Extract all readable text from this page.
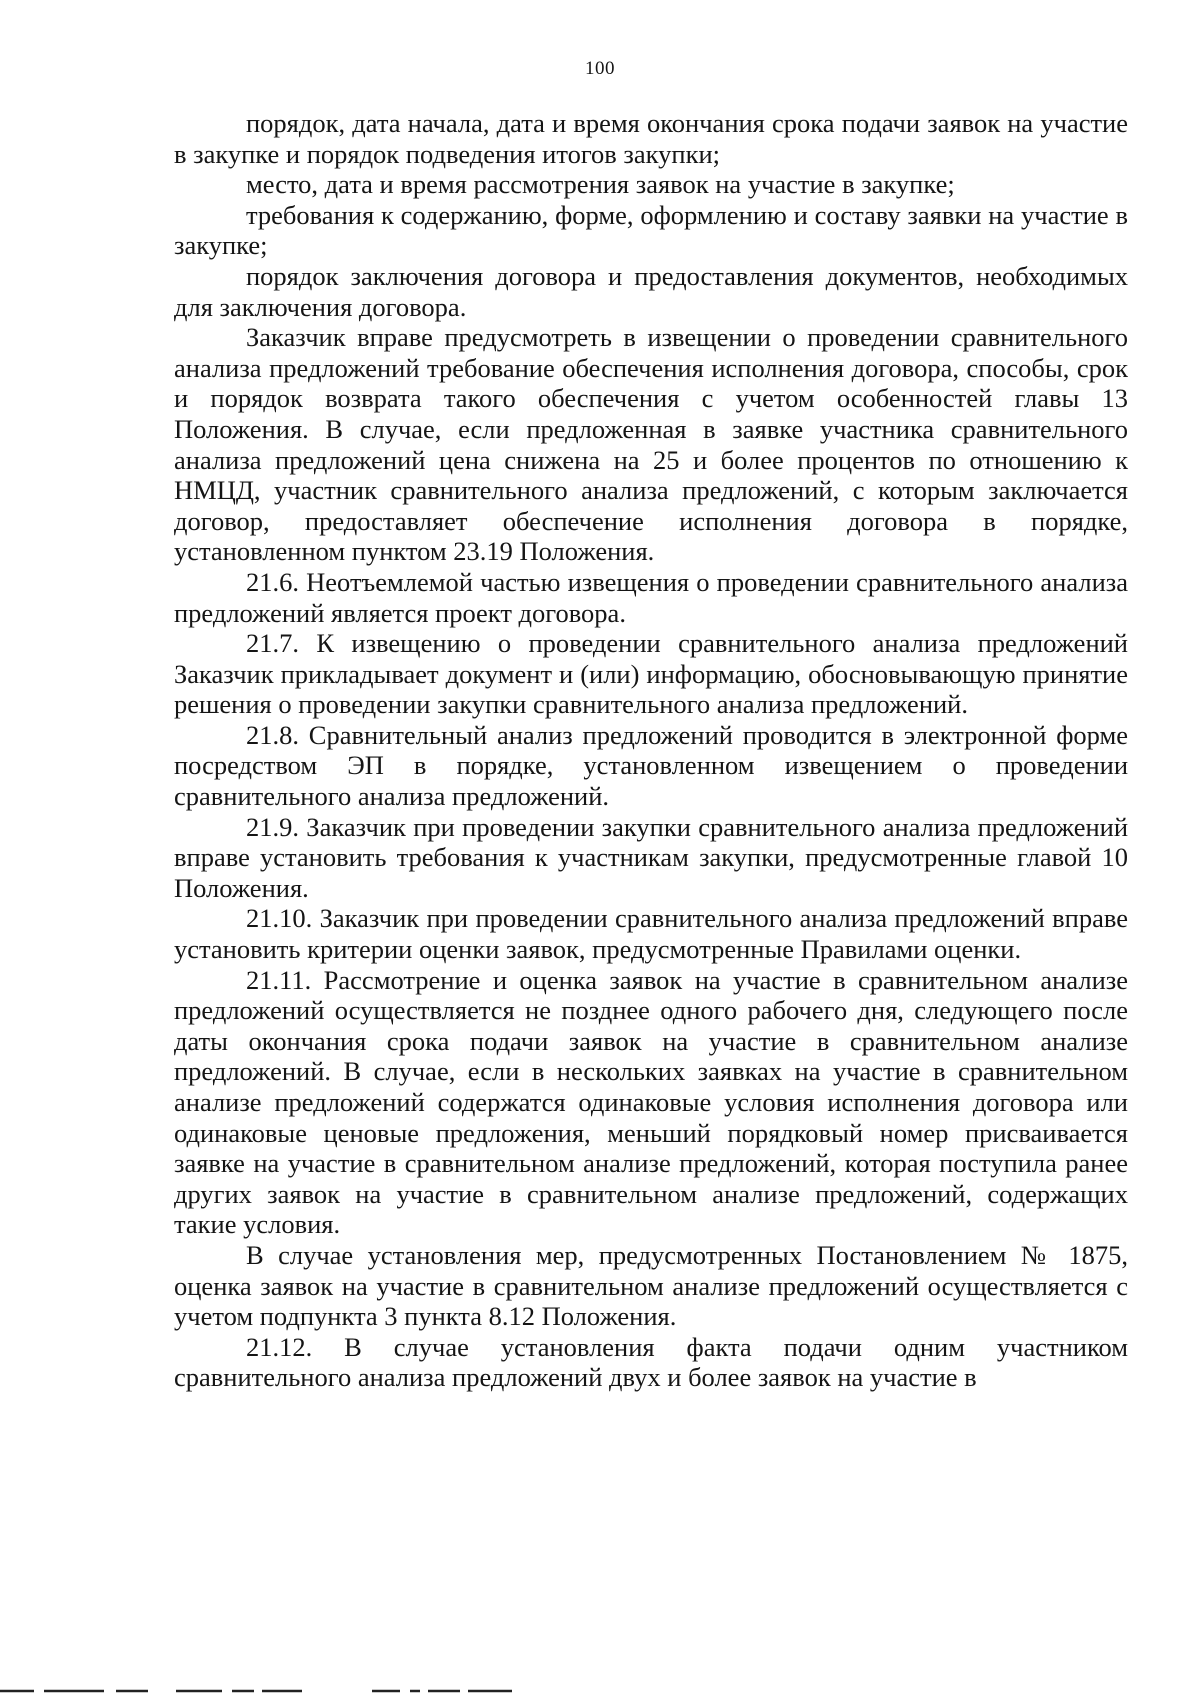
100

порядок, дата начала, дата и время окончания срока подачи заявок на участие в закупке и порядок подведения итогов закупки;

место, дата и время рассмотрения заявок на участие в закупке;

требования к содержанию, форме, оформлению и составу заявки на участие в закупке;

порядок заключения договора и предоставления документов, необходимых для заключения договора.

Заказчик вправе предусмотреть в извещении о проведении сравнительного анализа предложений требование обеспечения исполнения договора, способы, срок и порядок возврата такого обеспечения с учетом особенностей главы 13 Положения. В случае, если предложенная в заявке участника сравнительного анализа предложений цена снижена на 25 и более процентов по отношению к НМЦД, участник сравнительного анализа предложений, с которым заключается договор, предоставляет обеспечение исполнения договора в порядке, установленном пунктом 23.19 Положения.

21.6. Неотъемлемой частью извещения о проведении сравнительного анализа предложений является проект договора.

21.7. К извещению о проведении сравнительного анализа предложений Заказчик прикладывает документ и (или) информацию, обосновывающую принятие решения о проведении закупки сравнительного анализа предложений.

21.8. Сравнительный анализ предложений проводится в электронной форме посредством ЭП в порядке, установленном извещением о проведении сравнительного анализа предложений.

21.9. Заказчик при проведении закупки сравнительного анализа предложений вправе установить требования к участникам закупки, предусмотренные главой 10 Положения.

21.10. Заказчик при проведении сравнительного анализа предложений вправе установить критерии оценки заявок, предусмотренные Правилами оценки.

21.11. Рассмотрение и оценка заявок на участие в сравнительном анализе предложений осуществляется не позднее одного рабочего дня, следующего после даты окончания срока подачи заявок на участие в сравнительном анализе предложений. В случае, если в нескольких заявках на участие в сравнительном анализе предложений содержатся одинаковые условия исполнения договора или одинаковые ценовые предложения, меньший порядковый номер присваивается заявке на участие в сравнительном анализе предложений, которая поступила ранее других заявок на участие в сравнительном анализе предложений, содержащих такие условия.

В случае установления мер, предусмотренных Постановлением № 1875, оценка заявок на участие в сравнительном анализе предложений осуществляется с учетом подпункта 3 пункта 8.12 Положения.

21.12. В случае установления факта подачи одним участником сравнительного анализа предложений двух и более заявок на участие в
